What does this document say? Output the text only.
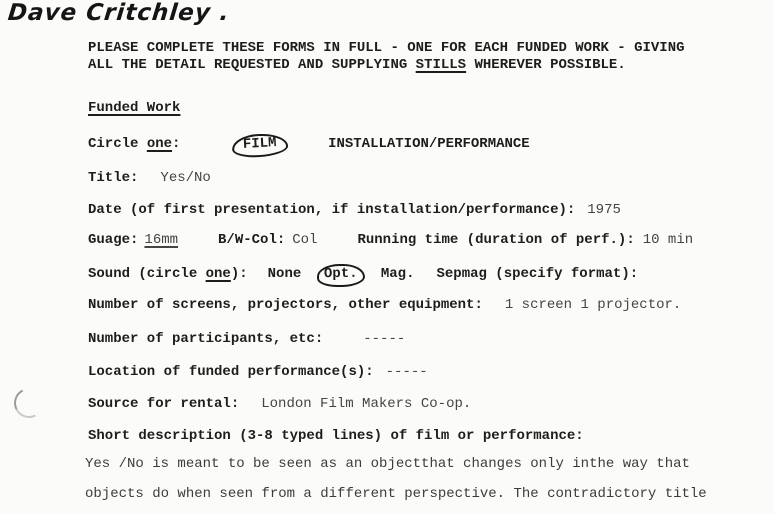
Dave Critchley .
PLEASE COMPLETE THESE FORMS IN FULL - ONE FOR EACH FUNDED WORK - GIVING
ALL THE DETAIL REQUESTED AND SUPPLYING STILLS WHEREVER POSSIBLE.
Funded Work
Circle one:	FILM	INSTALLATION/PERFORMANCE
Title: Yes/No
Date (of first presentation, if installation/performance): 1975
Guage: 16mm	B/W-Col: Col	Running time (duration of perf.): 10 min
Sound (circle one): None Opt. Mag. Sepmag (specify format):
Number of screens, projectors, other equipment: 1 screen 1 projector.
Number of participants, etc:	-----
Location of funded performance(s): -----
Source for rental: London Film Makers Co-op.
Short description (3-8 typed lines) of film or performance:
Yes /No is meant to be seen as an objectthat changes only inthe way that
objects do when seen from a different perspective. The contradictory title
